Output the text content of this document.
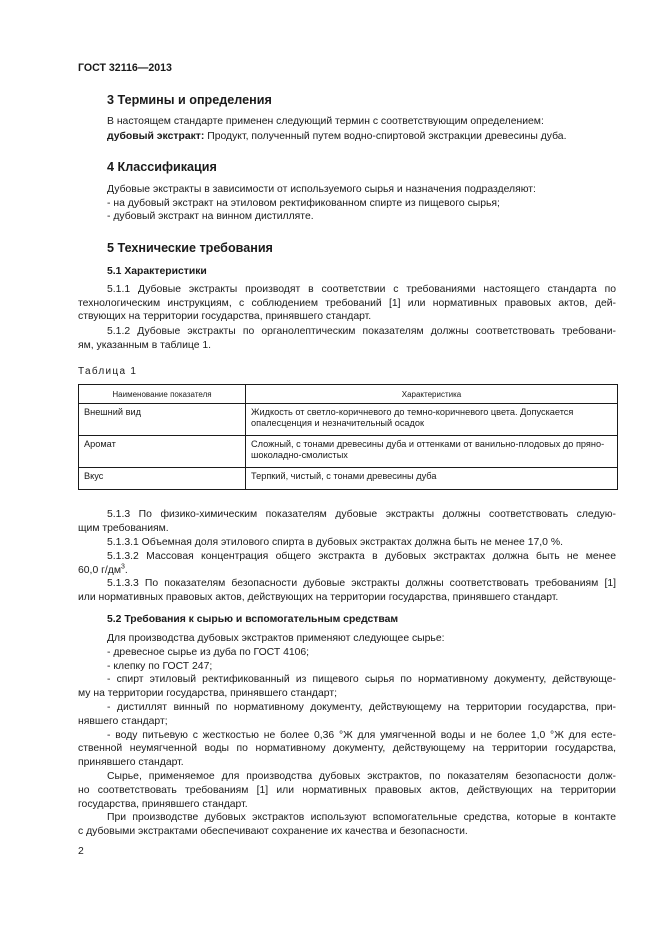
ГОСТ 32116—2013
3 Термины и определения
В настоящем стандарте применен следующий термин с соответствующим определением:
дубовый экстракт: Продукт, полученный путем водно-спиртовой экстракции древесины дуба.
4 Классификация
Дубовые экстракты в зависимости от используемого сырья и назначения подразделяют:
- на дубовый экстракт на этиловом ректификованном спирте из пищевого сырья;
- дубовый экстракт на винном дистилляте.
5 Технические требования
5.1 Характеристики
5.1.1 Дубовые экстракты производят в соответствии с требованиями настоящего стандарта по
технологическим инструкциям, с соблюдением требований [1] или нормативных правовых актов, дей-
ствующих на территории государства, принявшего стандарт.
5.1.2 Дубовые экстракты по органолептическим показателям должны соответствовать требовани-
ям, указанным в таблице 1.
Таблица 1
Наименование показателя	Характеристика
Внешний вид	Жидкость от светло-коричневого до темно-коричневого цвета. Допускается опалесценция и незначительный осадок
Аромат	Сложный, с тонами древесины дуба и оттенками от ванильно-плодовых до пряно-шоколадно-смолистых
Вкус	Терпкий, чистый, с тонами древесины дуба
5.1.3 По физико-химическим показателям дубовые экстракты должны соответствовать следую-
щим требованиям.
5.1.3.1 Объемная доля этилового спирта в дубовых экстрактах должна быть не менее 17,0 %.
5.1.3.2 Массовая концентрация общего экстракта в дубовых экстрактах должна быть не менее
60,0 $г/дм^3$.
5.1.3.3 По показателям безопасности дубовые экстракты должны соответствовать требованиям [1]
или нормативных правовых актов, действующих на территории государства, принявшего стандарт.
5.2 Требования к сырью и вспомогательным средствам
Для производства дубовых экстрактов применяют следующее сырье:
- древесное сырье из дуба по ГОСТ 4106;
- клепку по ГОСТ 247;
- спирт этиловый ректификованный из пищевого сырья по нормативному документу, действующе-
му на территории государства, принявшего стандарт;
- дистиллят винный по нормативному документу, действующему на территории государства, при-
нявшего стандарт;
- воду питьевую с жесткостью не более 0,36 °Ж для умягченной воды и не более 1,0 °Ж для есте-
ственной неумягченной воды по нормативному документу, действующему на территории государства,
принявшего стандарт.
Сырье, применяемое для производства дубовых экстрактов, по показателям безопасности долж-
но соответствовать требованиям [1] или нормативных правовых актов, действующих на территории
государства, принявшего стандарт.
При производстве дубовых экстрактов используют вспомогательные средства, которые в контакте
с дубовыми экстрактами обеспечивают сохранение их качества и безопасности.
2
